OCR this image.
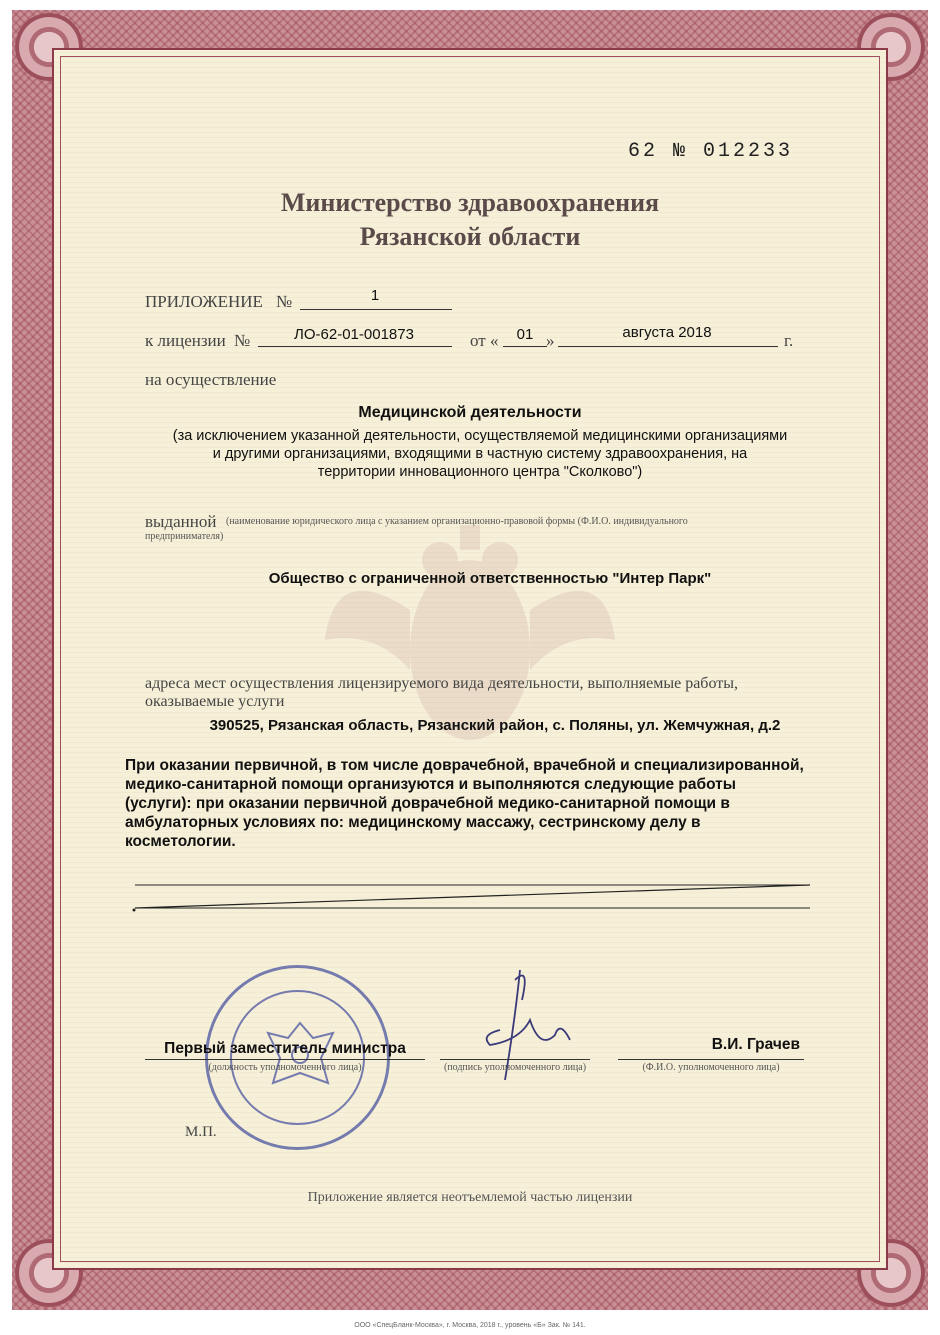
62 № 012233
Министерство здравоохранения
Рязанской области
ПРИЛОЖЕНИЕ №	1
к лицензии №	ЛО-62-01-001873	от «	01 »	августа 2018	г.
на осуществление
Медицинской деятельности
(за исключением указанной деятельности, осуществляемой медицинскими организациями
и другими организациями, входящими в частную систему здравоохранения, на
территории инновационного центра "Сколково")
выданной (наименование юридического лица с указанием организационно-правовой формы (Ф.И.О. индивидуального
предпринимателя)
Общество с ограниченной ответственностью "Интер Парк"
адреса мест осуществления лицензируемого вида деятельности, выполняемые работы,
оказываемые услуги
390525, Рязанская область, Рязанский район, с. Поляны, ул. Жемчужная, д.2
При оказании первичной, в том числе доврачебной, врачебной и специализированной,
медико-санитарной помощи организуются и выполняются следующие работы
(услуги): при оказании первичной доврачебной медико-санитарной помощи в
амбулаторных условиях по: медицинскому массажу, сестринскому делу в
косметологии.
Первый заместитель министра
(должность уполномоченного лица)	(подпись уполномоченного лица)
В.И. Грачев
(Ф.И.О. уполномоченного лица)
М.П.
Приложение является неотъемлемой частью лицензии
ООО «СпецБланк-Москва», г. Москва, 2018 г., уровень «Б» Зак. № 141.
